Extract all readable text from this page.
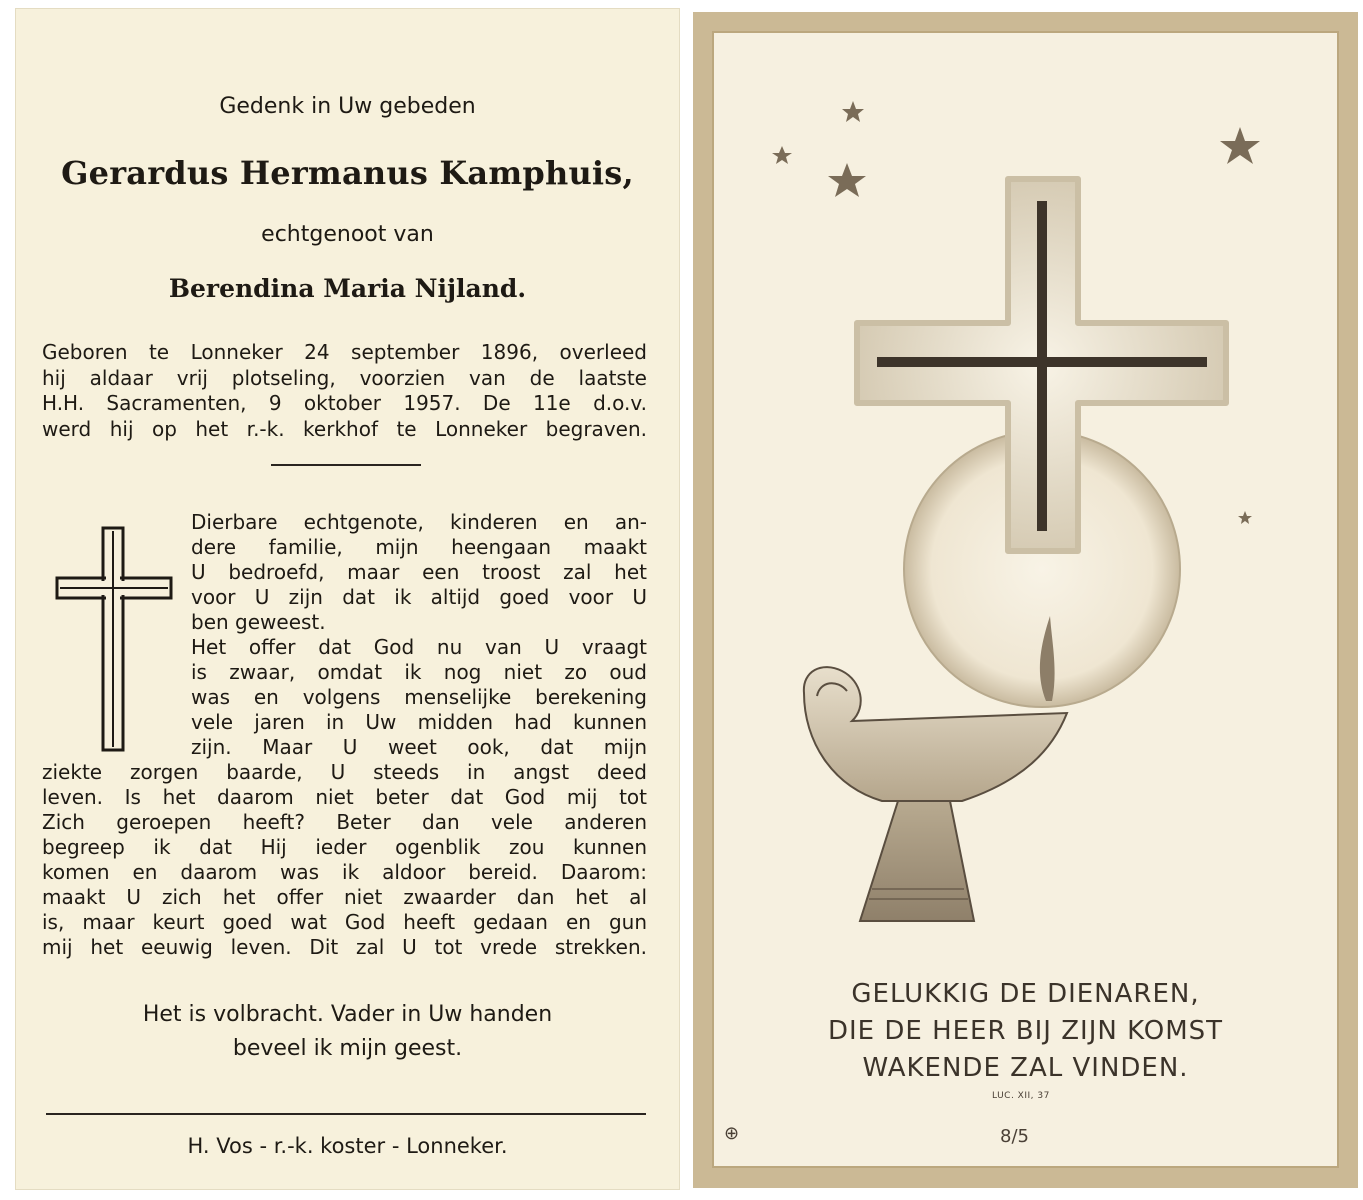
Gedenk in Uw gebeden
Gerardus Hermanus Kamphuis,
echtgenoot van
Berendina Maria Nijland.
Geboren te Lonneker 24 september 1896, overleed
hij aldaar vrij plotseling, voorzien van de laatste
H.H. Sacramenten, 9 oktober 1957. De 11e d.o.v.
werd hij op het r.-k. kerkhof te Lonneker begraven.
Dierbare echtgenote, kinderen en an-
dere familie, mijn heengaan maakt
U bedroefd, maar een troost zal het
voor U zijn dat ik altijd goed voor U
ben geweest.
Het offer dat God nu van U vraagt
is zwaar, omdat ik nog niet zo oud
was en volgens menselijke berekening
vele jaren in Uw midden had kunnen
zijn. Maar U weet ook, dat mijn
ziekte zorgen baarde, U steeds in angst deed
leven. Is het daarom niet beter dat God mij tot
Zich geroepen heeft? Beter dan vele anderen
begreep ik dat Hij ieder ogenblik zou kunnen
komen en daarom was ik aldoor bereid. Daarom:
maakt U zich het offer niet zwaarder dan het al
is, maar keurt goed wat God heeft gedaan en gun
mij het eeuwig leven. Dit zal U tot vrede strekken.
Het is volbracht. Vader in Uw handen
beveel ik mijn geest.
H. Vos - r.-k. koster - Lonneker.
GELUKKIG DE DIENAREN,
DIE DE HEER BIJ ZIJN KOMST
WAKENDE ZAL VINDEN.
LUC. XII, 37
8/5
⊕
